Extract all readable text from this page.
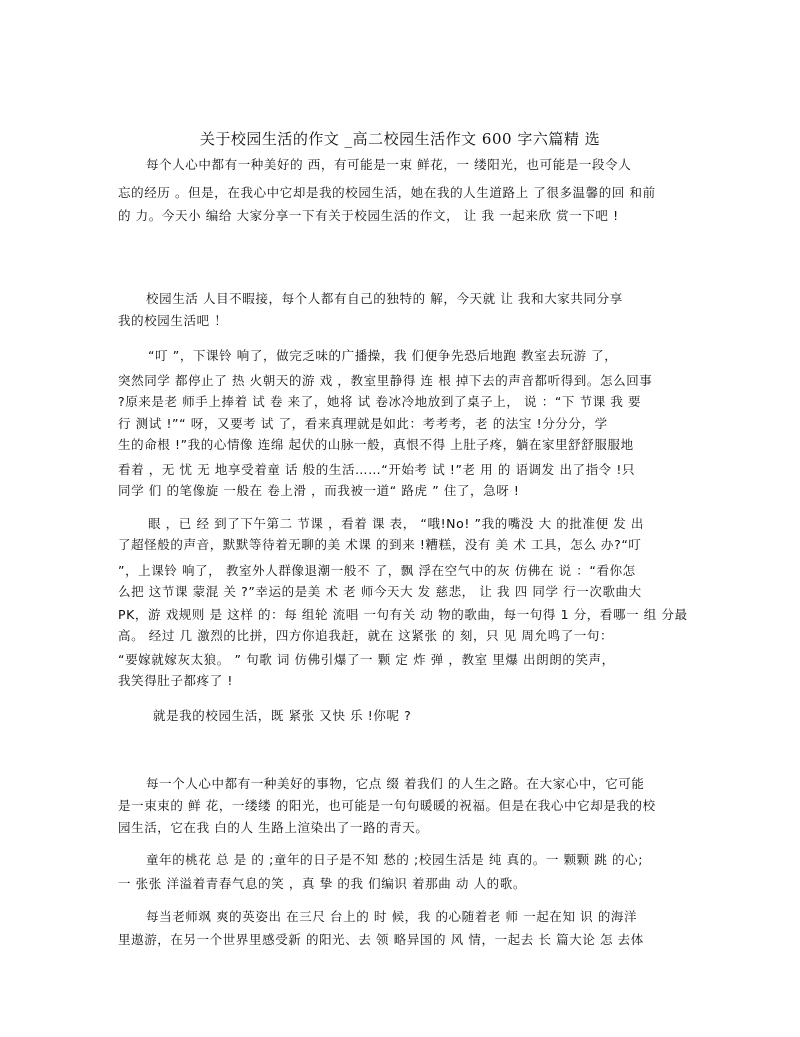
关于校园生活的作文 _高二校园生活作文 600 字六篇精 选
每个人心中都有一种美好的 西，有可能是一束 鲜花，一 缕阳光，也可能是一段令人
忘的经历 。但是，在我心中它却是我的校园生活，她在我的人生道路上 了很多温馨的回 和前
的 力。今天小 编给 大家分享一下有关于校园生活的作文， 让 我 一起来欣 赏一下吧 !
校园生活 人目不暇接，每个人都有自己的独特的 解，今天就 让 我和大家共同分享
我的校园生活吧 ！
“叮 ”，下课铃 响了，做完乏味的广播操，我 们便争先恐后地跑 教室去玩游 了，
突然同学 都停止了 热 火朝天的游 戏 ，教室里静得 连 根 掉下去的声音都听得到。怎么回事
?原来是老 师手上捧着 试 卷 来了，她将 试 卷冰冷地放到了桌子上， 说 ：“下 节课 我 要
行 测试 !”“ 呀，又要考 试 了，看来真理就是如此：考考考，老 的法宝 !分分分，学
生的命根 !”我的心情像 连绵 起伏的山脉一般，真恨不得 上肚子疼，躺在家里舒舒服服地
看着 ，无 忧 无 地享受着童 话 般的生活……“开始考 试 !”老 用 的 语调发 出了指令 !只
同学 们 的笔像旋 一般在 卷上滑 ，而我被一道“ 路虎 ” 住了，急呀 !
眼 ，已 经 到了下午第二 节课 ，看着 课 表， “哦!No! ”我的嘴没 大 的批准便 发 出
了超怪般的声音，默默等待着无聊的美 术课 的到来 !糟糕，没有 美 术 工具，怎么 办?“叮
”，上课铃 响了， 教室外人群像退潮一般不 了，飘 浮在空气中的灰 仿佛在 说 ：“看你怎
么把 这节课 蒙混 关 ?”幸运的是美 术 老 师今天大 发 慈悲， 让 我 四 同学 行一次歌曲大
PK，游 戏规则 是 这样 的：每 组轮 流唱 一句有关 动 物的歌曲，每一句得 1 分，看哪一 组 分最
高。 经过 几 激烈的比拼，四方你追我赶，就在 这紧张 的 刻，只 见 周允鸣了一句：
“要嫁就嫁灰太狼。 ” 句歌 词 仿佛引爆了一 颗 定 炸 弹 ，教室 里爆 出朗朗的笑声，
我笑得肚子都疼了 !
就是我的校园生活，既 紧张 又快 乐 !你呢 ?
每一个人心中都有一种美好的事物，它点 缀 着我们 的人生之路。在大家心中，它可能
是一束束的 鲜 花，一缕缕 的阳光，也可能是一句句暖暖的祝福。但是在我心中它却是我的校
园生活，它在我 白的人 生路上渲染出了一路的青天。
童年的桃花 总 是 的 ;童年的日子是不知 愁的 ;校园生活是 纯 真的。一 颗颗 跳 的心;
一 张张 洋溢着青春气息的笑 ，真 挚 的我 们编识 着那曲 动 人的歌。
每当老师飒 爽的英姿出 在三尺 台上的 时 候，我 的心随着老 师 一起在知 识 的海洋
里遨游，在另一个世界里感受新 的阳光、去 领 略异国的 风 情，一起去 长 篇大论 怎 去体
